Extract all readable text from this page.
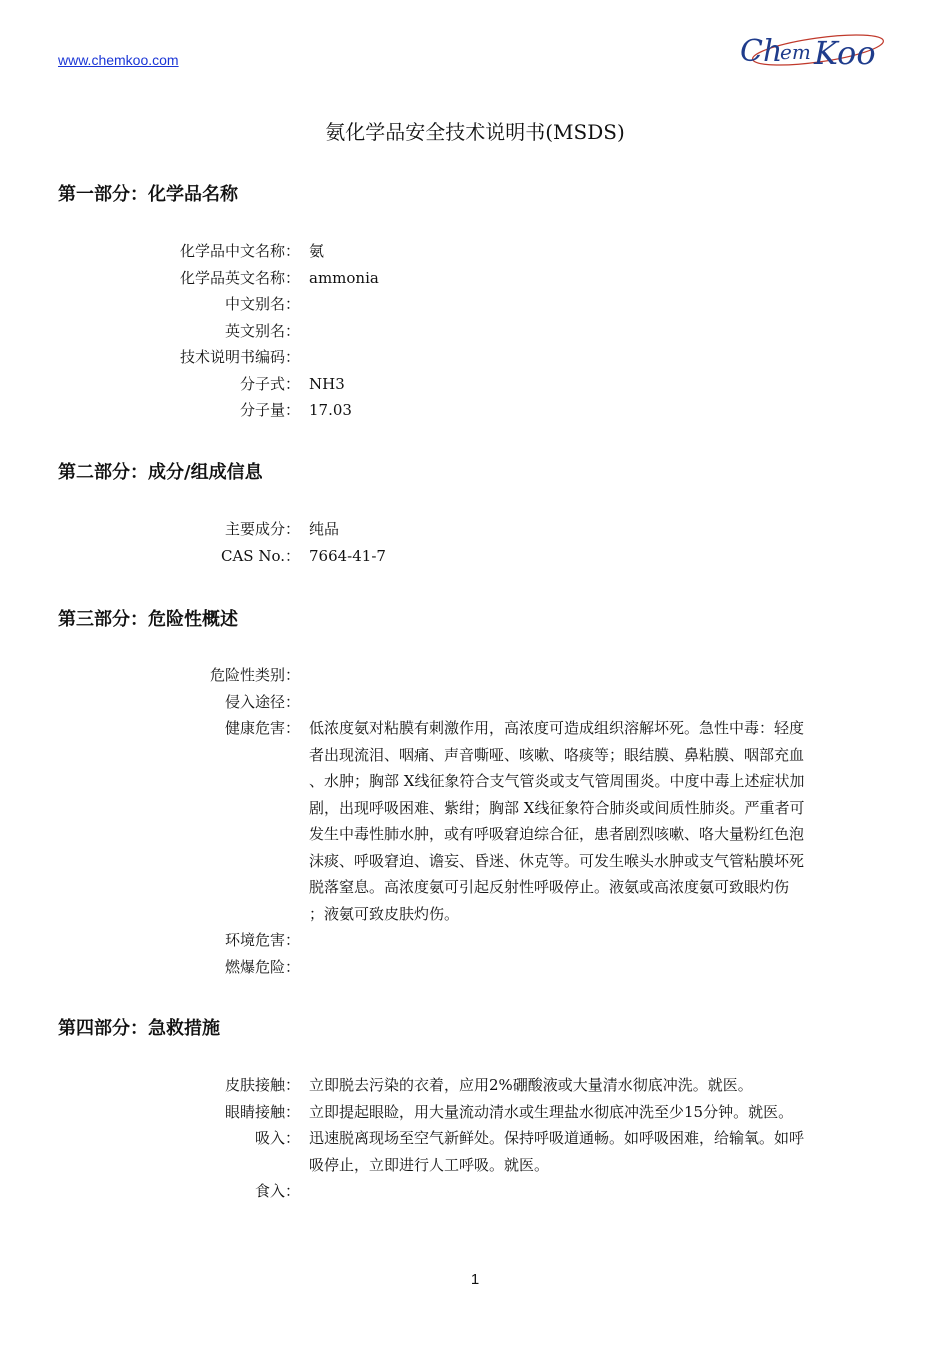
www.chemkoo.com	Ch
em Koo
氨化学品安全技术说明书(MSDS)
第一部分：化学品名称
第二部分：成分/组成信息
第三部分：危险性概述
第四部分：急救措施
1
化学品中文名称： 氨
化学品英文名称： ammonia
中文别名：
英文别名：
技术说明书编码：
分子式： NH3
分子量： 17.03
主要成分： 纯品
CAS No.： 7664-41-7
危险性类别：
侵入途径：
健康危害： 低浓度氨对粘膜有刺激作用，高浓度可造成组织溶解坏死。急性中毒：轻度
者出现流泪、咽痛、声音嘶哑、咳嗽、咯痰等；眼结膜、鼻粘膜、咽部充血
、水肿；胸部 X线征象符合支气管炎或支气管周围炎。中度中毒上述症状加
剧，出现呼吸困难、紫绀；胸部 X线征象符合肺炎或间质性肺炎。严重者可
发生中毒性肺水肿，或有呼吸窘迫综合征，患者剧烈咳嗽、咯大量粉红色泡
沫痰、呼吸窘迫、谵妄、昏迷、休克等。可发生喉头水肿或支气管粘膜坏死
脱落窒息。高浓度氨可引起反射性呼吸停止。液氨或高浓度氨可致眼灼伤
；液氨可致皮肤灼伤。
环境危害：
燃爆危险：
皮肤接触： 立即脱去污染的衣着，应用2%硼酸液或大量清水彻底冲洗。就医。
眼睛接触： 立即提起眼睑，用大量流动清水或生理盐水彻底冲洗至少15分钟。就医。
吸入： 迅速脱离现场至空气新鲜处。保持呼吸道通畅。如呼吸困难，给输氧。如呼
吸停止，立即进行人工呼吸。就医。
食入：
